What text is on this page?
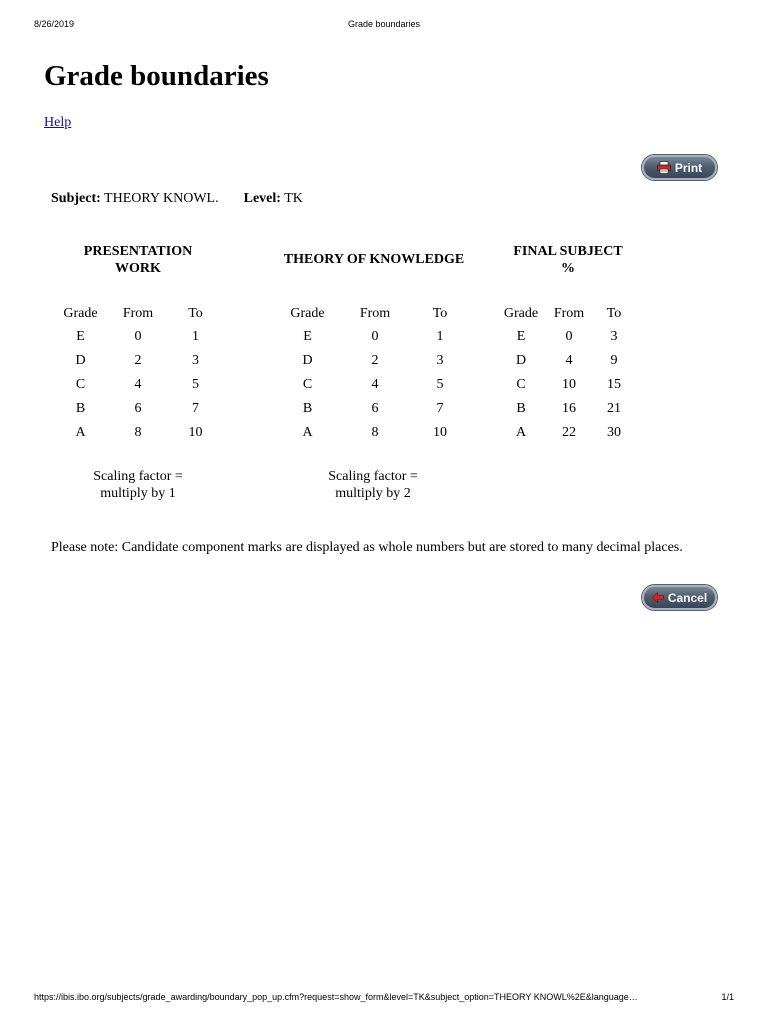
8/26/2019	Grade boundaries
Grade boundaries
Help
Print
Subject: THEORY KNOWL. Level: TK
PRESENTATION
WORK
Grade	From	To
E	0	1
D	2	3
C	4	5
B	6	7
A	8	10
Scaling factor =
multiply by 1
THEORY OF KNOWLEDGE
Grade	From	To
E	0	1
D	2	3
C	4	5
B	6	7
A	8	10
Scaling factor =
multiply by 2
FINAL SUBJECT
%
Grade	From	To
E	0	3
D	4	9
C	10	15
B	16	21
A	22	30
Please note: Candidate component marks are displayed as whole numbers but are stored to many decimal places.
Cancel
https://ibis.ibo.org/subjects/grade_awarding/boundary_pop_up.cfm?request=show_form&level=TK&subject_option=THEORY KNOWL%2E&language…	1/1
